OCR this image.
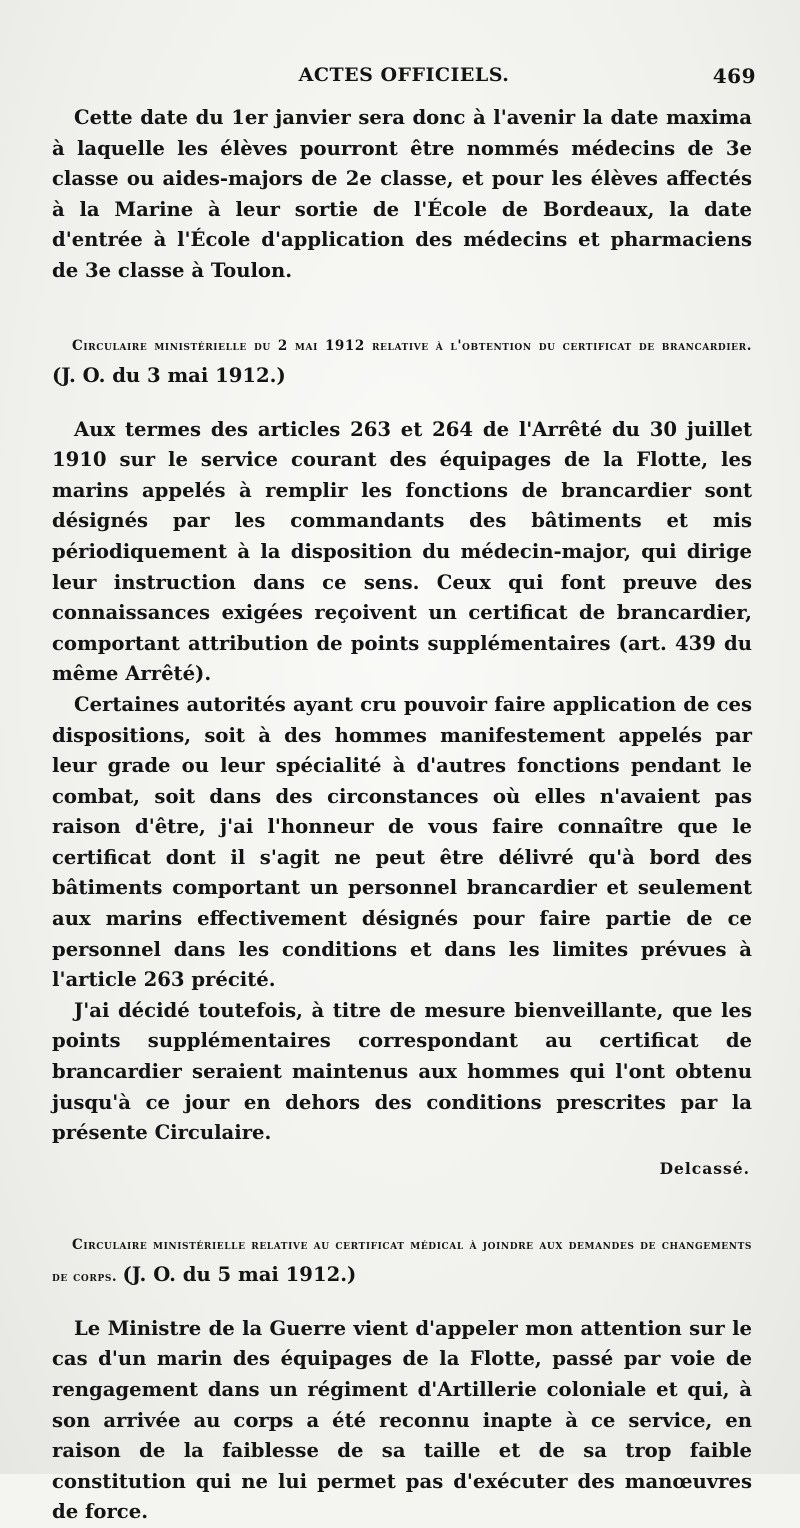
ACTES OFFICIELS.	469

Cette date du 1er janvier sera donc à l'avenir la date maxima à laquelle les élèves pourront être nommés médecins de 3e classe ou aides-majors de 2e classe, et pour les élèves affectés à la Marine à leur sortie de l'École de Bordeaux, la date d'entrée à l'École d'application des médecins et pharmaciens de 3e classe à Toulon.

Circulaire ministérielle du 2 mai 1912 relative à l'obtention du certificat de brancardier. (J. O. du 3 mai 1912.)

Aux termes des articles 263 et 264 de l'Arrêté du 30 juillet 1910 sur le service courant des équipages de la Flotte, les marins appelés à remplir les fonctions de brancardier sont désignés par les commandants des bâtiments et mis périodiquement à la disposition du médecin-major, qui dirige leur instruction dans ce sens. Ceux qui font preuve des connaissances exigées reçoivent un certificat de brancardier, comportant attribution de points supplémentaires (art. 439 du même Arrêté).

Certaines autorités ayant cru pouvoir faire application de ces dispositions, soit à des hommes manifestement appelés par leur grade ou leur spécialité à d'autres fonctions pendant le combat, soit dans des circonstances où elles n'avaient pas raison d'être, j'ai l'honneur de vous faire connaître que le certificat dont il s'agit ne peut être délivré qu'à bord des bâtiments comportant un personnel brancardier et seulement aux marins effectivement désignés pour faire partie de ce personnel dans les conditions et dans les limites prévues à l'article 263 précité.

J'ai décidé toutefois, à titre de mesure bienveillante, que les points supplémentaires correspondant au certificat de brancardier seraient maintenus aux hommes qui l'ont obtenu jusqu'à ce jour en dehors des conditions prescrites par la présente Circulaire.

Delcassé.
Circulaire ministérielle relative au certificat médical à joindre aux demandes de changements de corps. (J. O. du 5 mai 1912.)

Le Ministre de la Guerre vient d'appeler mon attention sur le cas d'un marin des équipages de la Flotte, passé par voie de rengagement dans un régiment d'Artillerie coloniale et qui, à son arrivée au corps a été reconnu inapte à ce service, en raison de la faiblesse de sa taille et de sa trop faible constitution qui ne lui permet pas d'exécuter des manœuvres de force.
